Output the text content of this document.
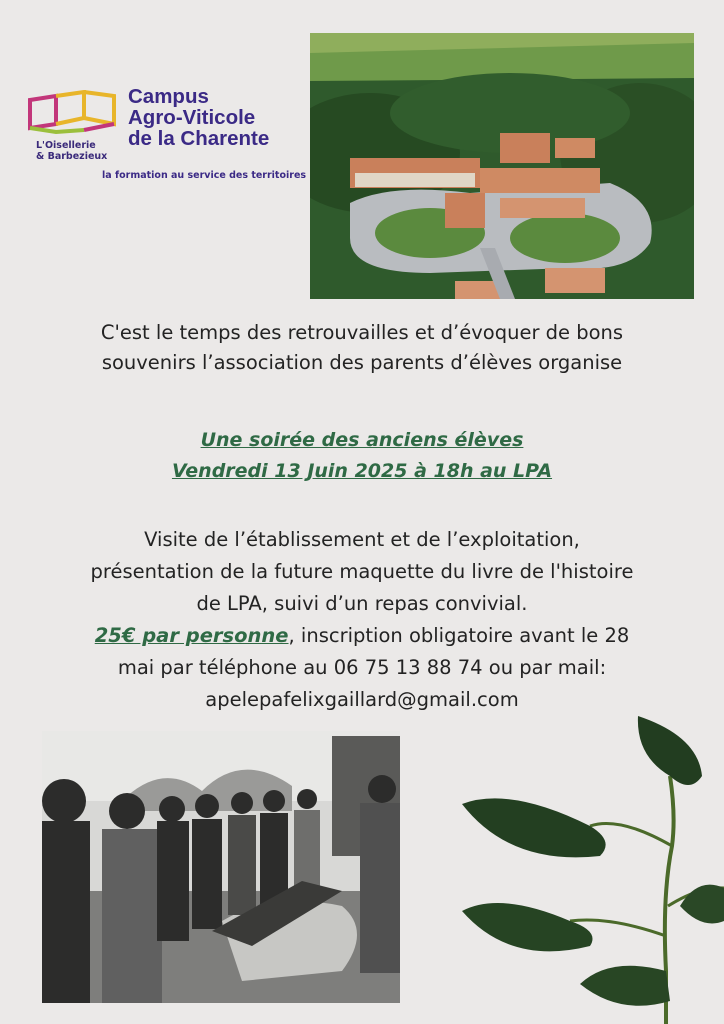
L'Oisellerie
& Barbezieux
Campus
Agro-Viticole
de la Charente
la formation au service des territoires
C'est le temps des retrouvailles et d’évoquer de bons
souvenirs l’association des parents d’élèves organise
Une soirée des anciens élèves
Vendredi 13 Juin 2025 à 18h au LPA
Visite de l’établissement et de l’exploitation,
présentation de la future maquette du livre de l'histoire
de LPA, suivi d’un repas convivial.
25€ par personne, inscription obligatoire avant le 28
mai par téléphone au 06 75 13 88 74 ou par mail:
apelepafelixgaillard@gmail.com
